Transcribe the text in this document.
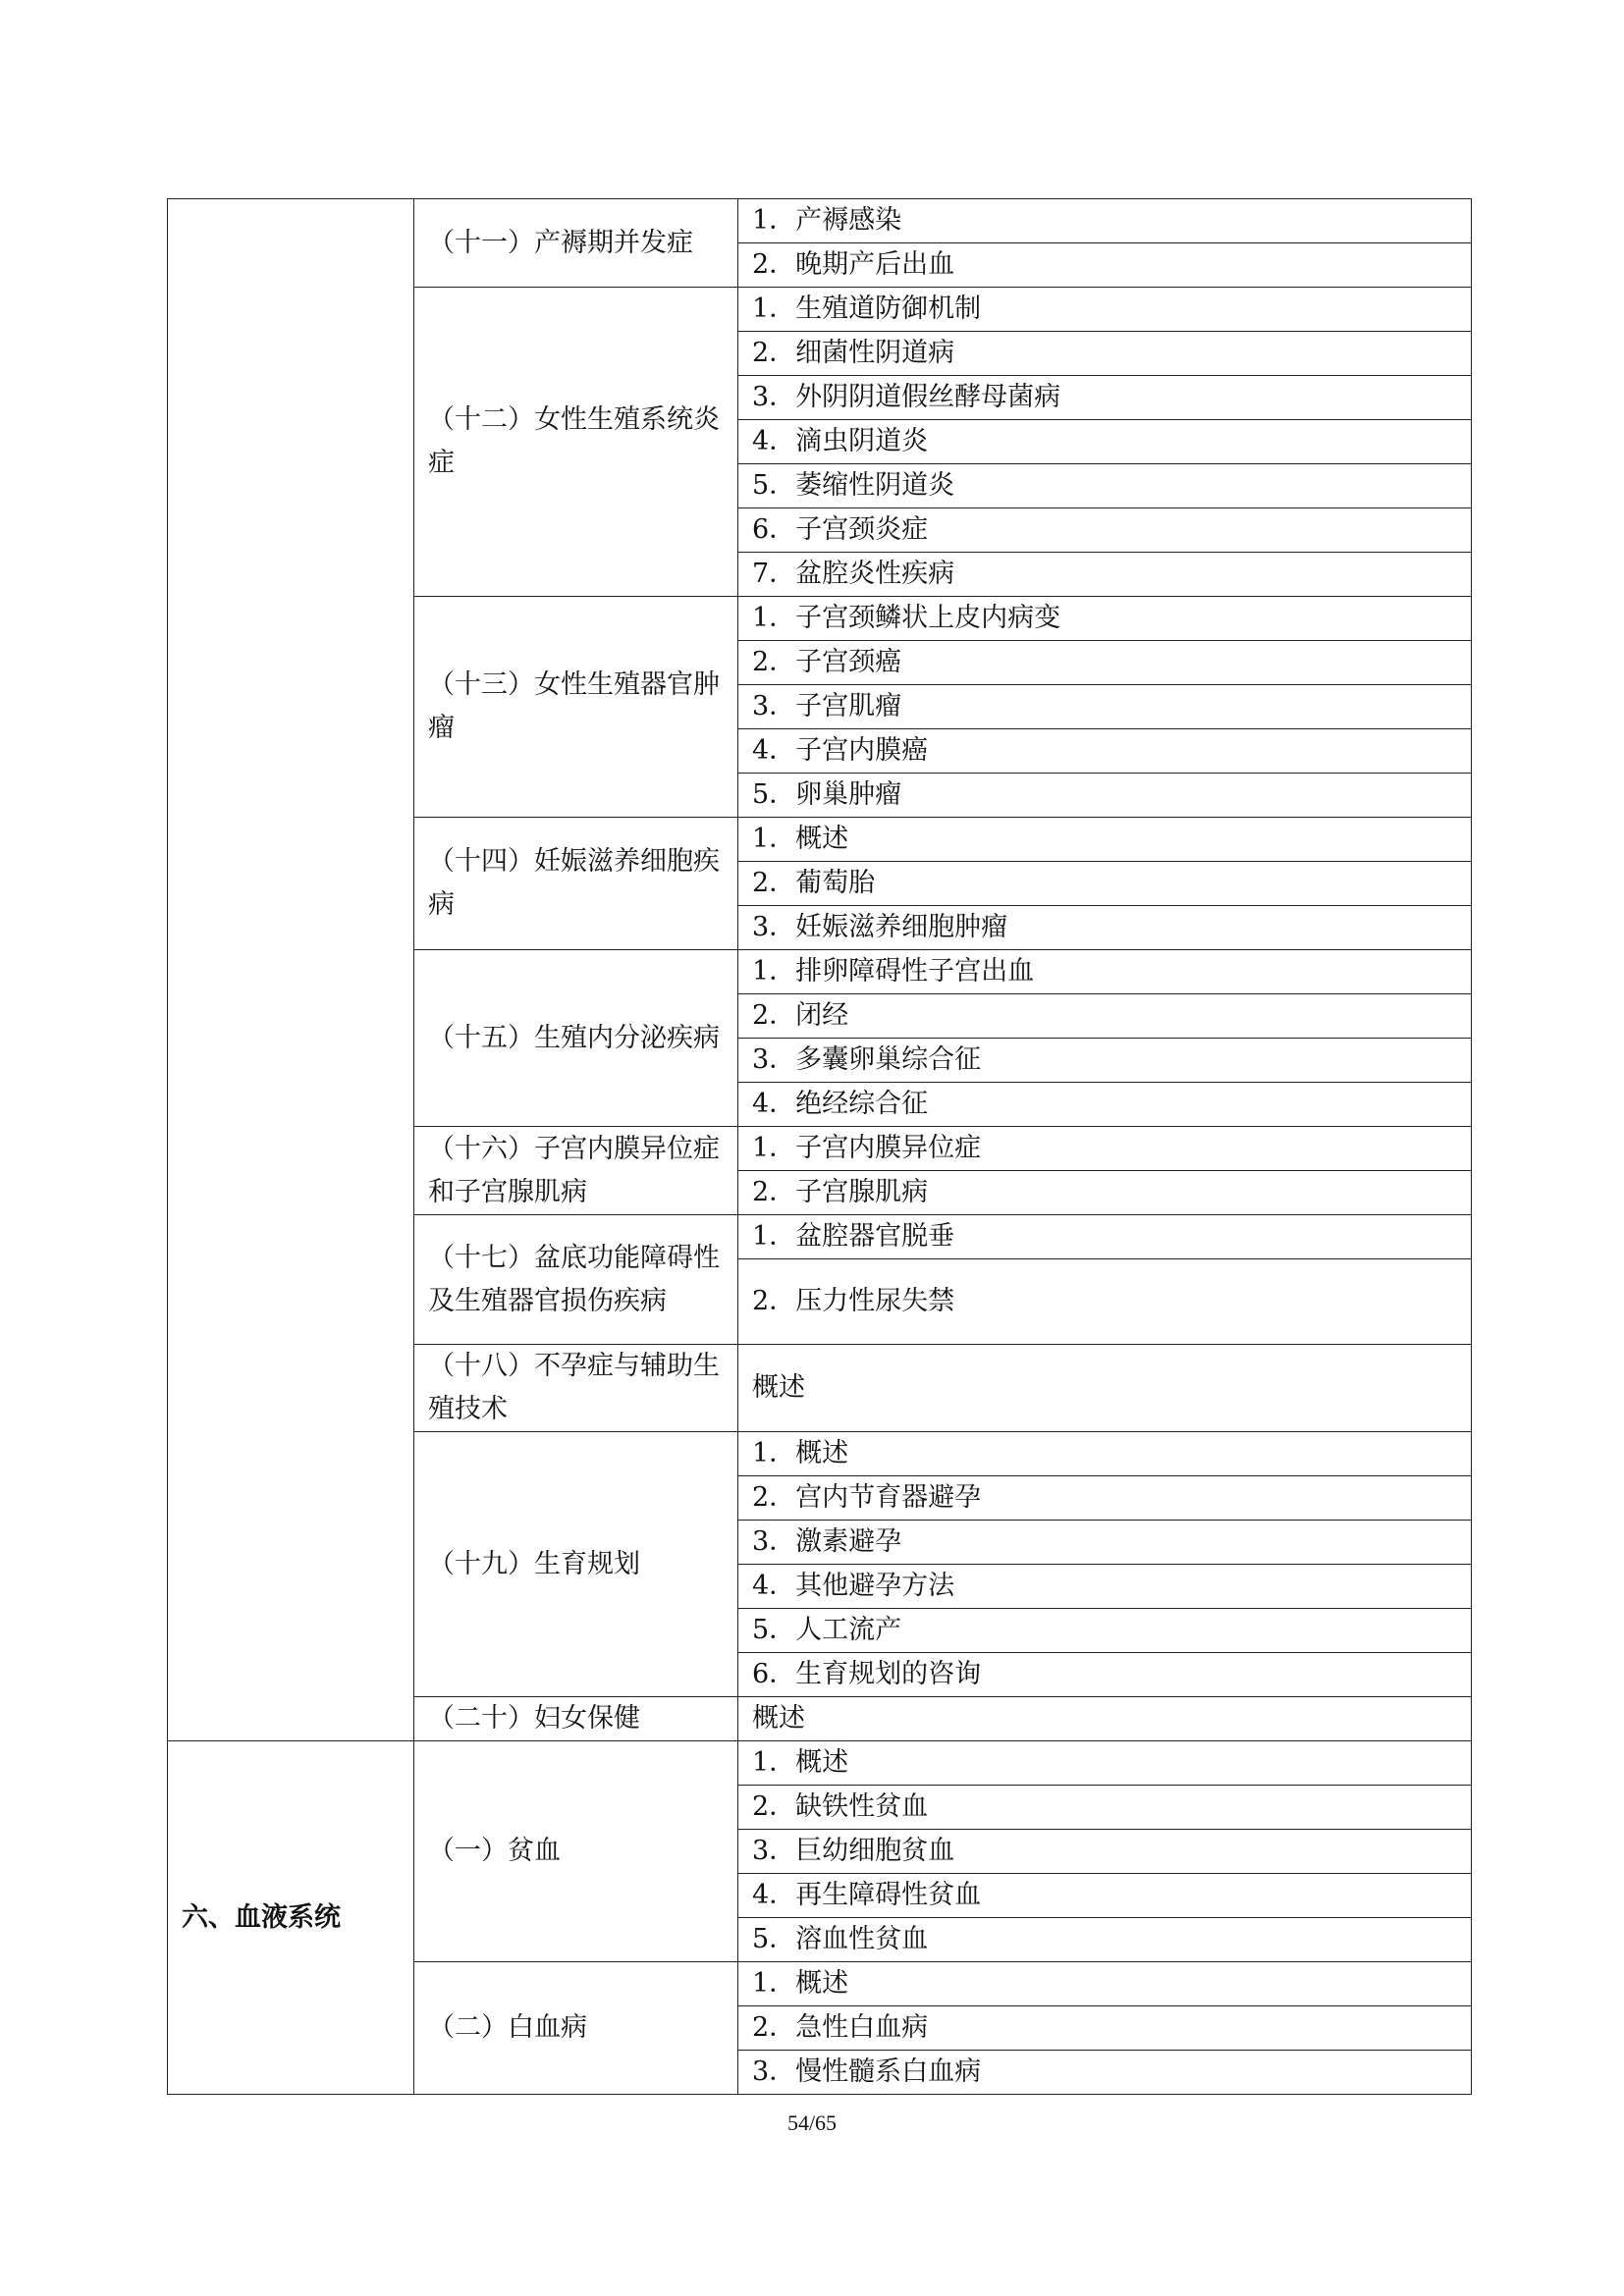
	（十一）产褥期并发症	1．产褥感染
		2．晚期产后出血
	（十二）女性生殖系统炎症	1．生殖道防御机制
		2．细菌性阴道病
		3．外阴阴道假丝酵母菌病
		4．滴虫阴道炎
		5．萎缩性阴道炎
		6．子宫颈炎症
		7．盆腔炎性疾病
	（十三）女性生殖器官肿瘤	1．子宫颈鳞状上皮内病变
		2．子宫颈癌
		3．子宫肌瘤
		4．子宫内膜癌
		5．卵巢肿瘤
	（十四）妊娠滋养细胞疾病	1．概述
		2．葡萄胎
		3．妊娠滋养细胞肿瘤
	（十五）生殖内分泌疾病	1．排卵障碍性子宫出血
		2．闭经
		3．多囊卵巢综合征
		4．绝经综合征
	（十六）子宫内膜异位症和子宫腺肌病	1．子宫内膜异位症
		2．子宫腺肌病
	（十七）盆底功能障碍性及生殖器官损伤疾病	1．盆腔器官脱垂
		2．压力性尿失禁
	（十八）不孕症与辅助生殖技术	概述
	（十九）生育规划	1．概述
		2．宫内节育器避孕
		3．激素避孕
		4．其他避孕方法
		5．人工流产
		6．生育规划的咨询
	（二十）妇女保健	概述
六、血液系统	（一）贫血	1．概述
		2．缺铁性贫血
		3．巨幼细胞贫血
		4．再生障碍性贫血
		5．溶血性贫血
	（二）白血病	1．概述
		2．急性白血病
		3．慢性髓系白血病
54/65
